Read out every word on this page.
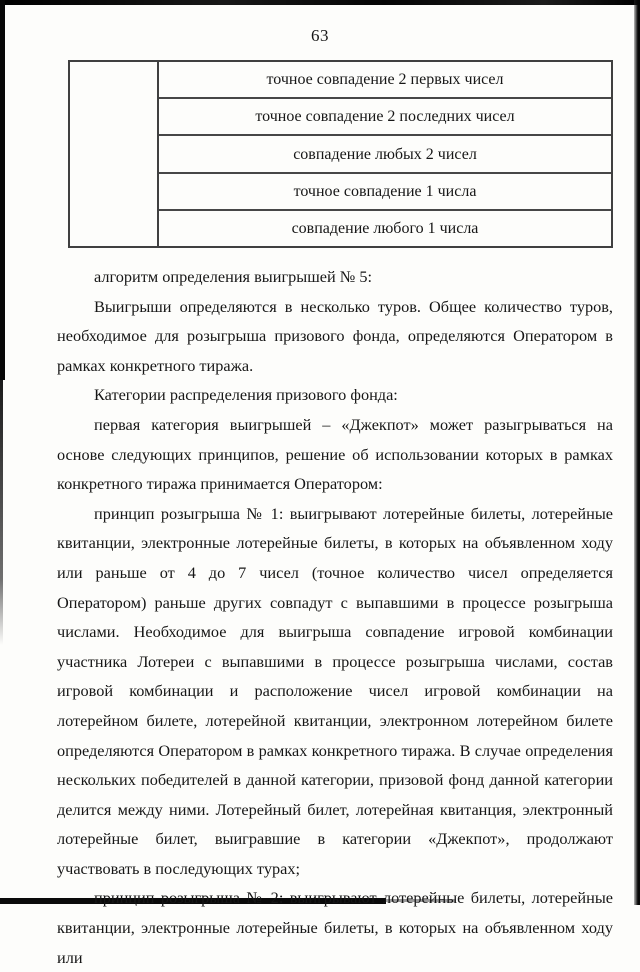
63
точное совпадение 2 первых чисел
точное совпадение 2 последних чисел
совпадение любых 2 чисел
точное совпадение 1 числа
совпадение любого 1 числа

алгоритм определения выигрышей № 5:

Выигрыши определяются в несколько туров. Общее количество туров, необходимое для розыгрыша призового фонда, определяются Оператором в рамках конкретного тиража.

Категории распределения призового фонда:

первая категория выигрышей – «Джекпот» может разыгрываться на основе следующих принципов, решение об использовании которых в рамках конкретного тиража принимается Оператором:

принцип розыгрыша № 1: выигрывают лотерейные билеты, лотерейные квитанции, электронные лотерейные билеты, в которых на объявленном ходу или раньше от 4 до 7 чисел (точное количество чисел определяется Оператором) раньше других совпадут с выпавшими в процессе розыгрыша числами. Необходимое для выигрыша совпадение игровой комбинации участника Лотереи с выпавшими в процессе розыгрыша числами, состав игровой комбинации и расположение чисел игровой комбинации на лотерейном билете, лотерейной квитанции, электронном лотерейном билете определяются Оператором в рамках конкретного тиража. В случае определения нескольких победителей в данной категории, призовой фонд данной категории делится между ними. Лотерейный билет, лотерейная квитанция, электронный лотерейные билет, выигравшие в категории «Джекпот», продолжают участвовать в последующих турах;

принцип розыгрыша № 2: выигрывают лотерейные билеты, лотерейные квитанции, электронные лотерейные билеты, в которых на объявленном ходу или
